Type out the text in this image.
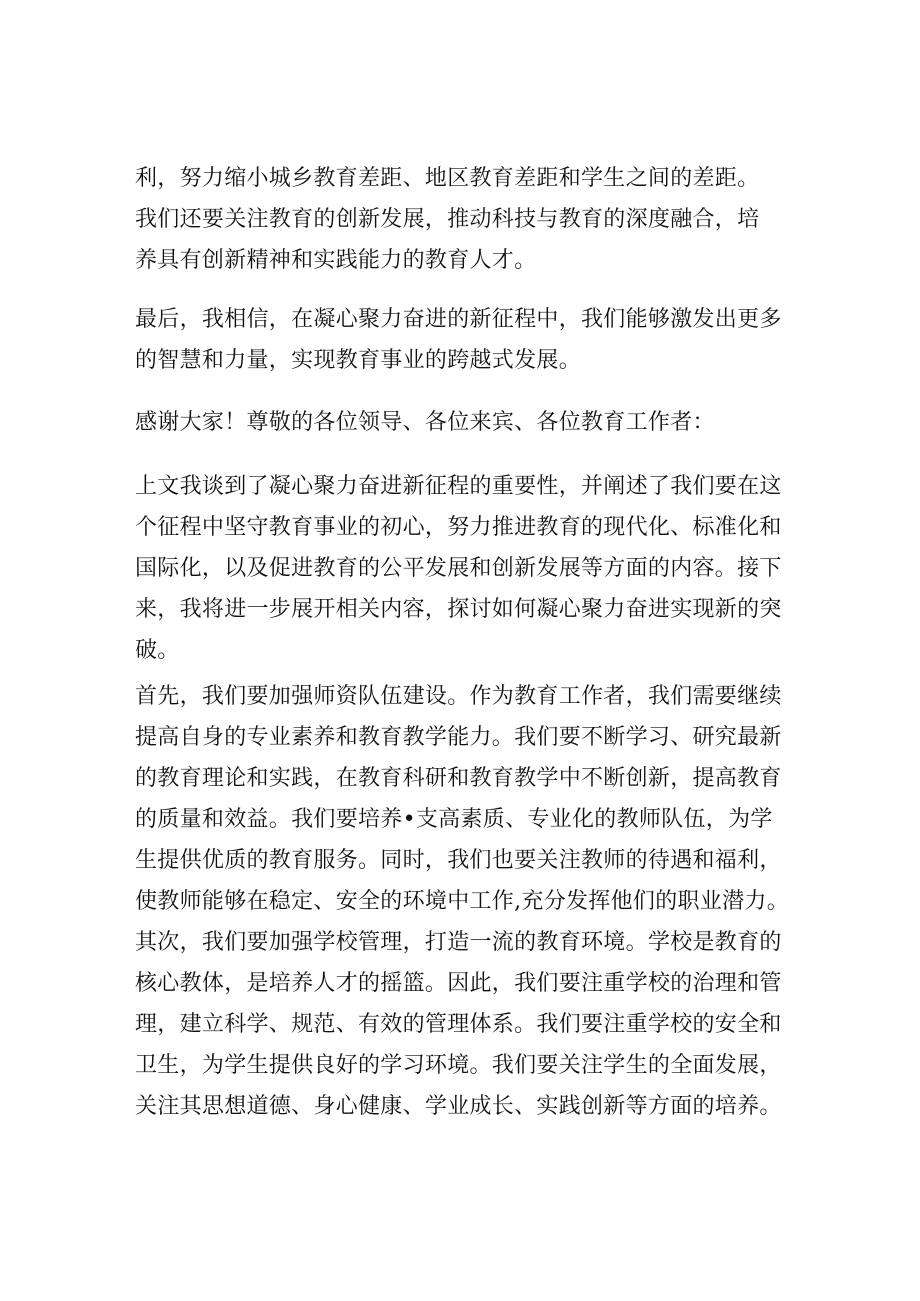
利，努力缩小城乡教育差距、地区教育差距和学生之间的差距。
我们还要关注教育的创新发展，推动科技与教育的深度融合，培
养具有创新精神和实践能力的教育人才。
最后，我相信，在凝心聚力奋进的新征程中，我们能够激发出更多
的智慧和力量，实现教育事业的跨越式发展。
感谢大家！尊敬的各位领导、各位来宾、各位教育工作者：
上文我谈到了凝心聚力奋进新征程的重要性，并阐述了我们要在这
个征程中坚守教育事业的初心，努力推进教育的现代化、标准化和
国际化，以及促进教育的公平发展和创新发展等方面的内容。接下
来，我将进一步展开相关内容，探讨如何凝心聚力奋进实现新的突
破。
首先，我们要加强师资队伍建设。作为教育工作者，我们需要继续
提高自身的专业素养和教育教学能力。我们要不断学习、研究最新
的教育理论和实践，在教育科研和教育教学中不断创新，提高教育
的质量和效益。我们要培养•支高素质、专业化的教师队伍，为学
生提供优质的教育服务。同时，我们也要关注教师的待遇和福利，
使教师能够在稳定、安全的环境中工作,充分发挥他们的职业潜力。
其次，我们要加强学校管理，打造一流的教育环境。学校是教育的
核心教体，是培养人才的摇篮。因此，我们要注重学校的治理和管
理，建立科学、规范、有效的管理体系。我们要注重学校的安全和
卫生，为学生提供良好的学习环境。我们要关注学生的全面发展，
关注其思想道德、身心健康、学业成长、实践创新等方面的培养。
